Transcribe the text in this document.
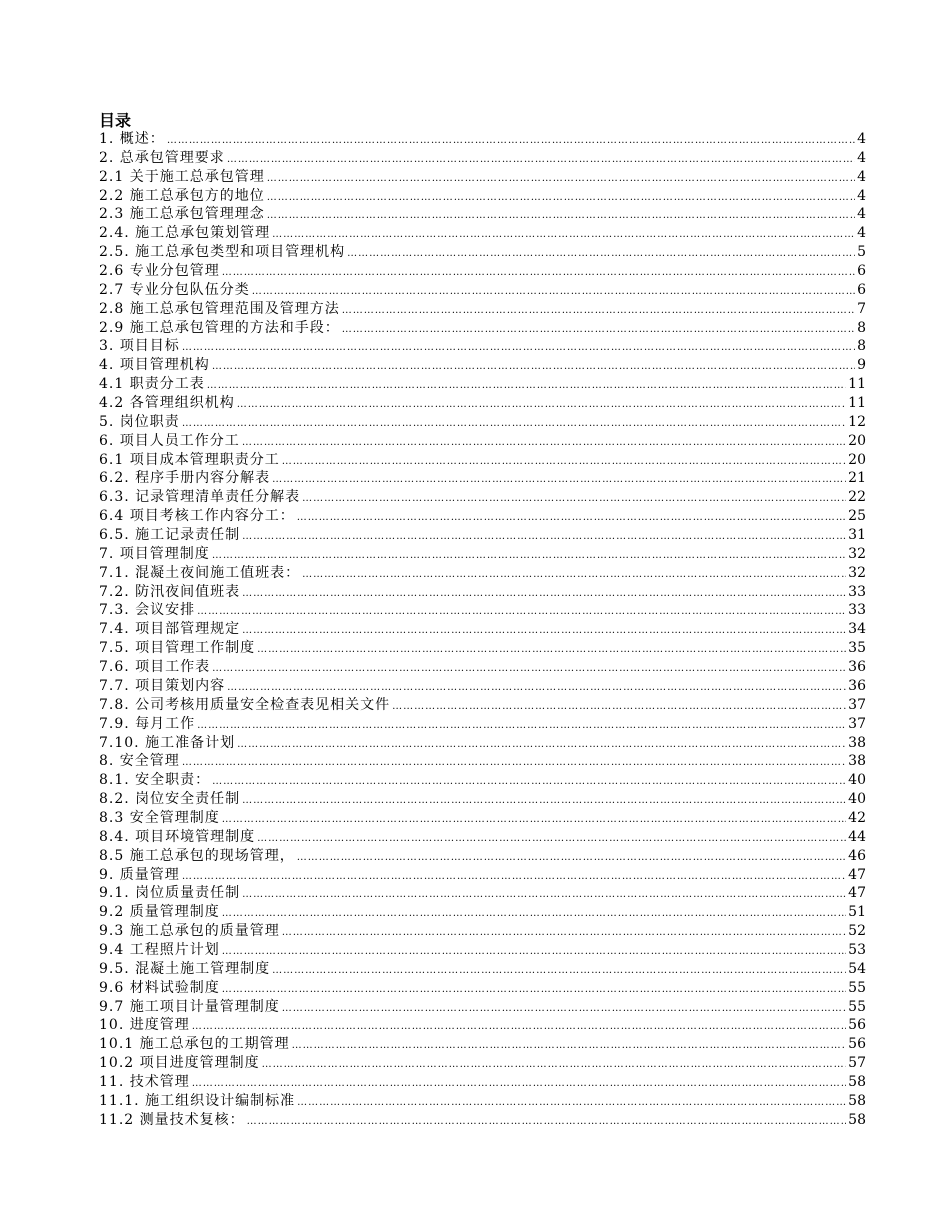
目录
1. 概述： …………………………………………………………………………………………………………………………………………………………………………………………	4
2. 总承包管理要求 …………………………………………………………………………………………………………………………………………………………………………………………	4
2.1 关于施工总承包管理 …………………………………………………………………………………………………………………………………………………………………………………………	4
2.2 施工总承包方的地位 …………………………………………………………………………………………………………………………………………………………………………………………	4
2.3 施工总承包管理理念 …………………………………………………………………………………………………………………………………………………………………………………………	4
2.4. 施工总承包策划管理 …………………………………………………………………………………………………………………………………………………………………………………………	4
2.5. 施工总承包类型和项目管理机构 …………………………………………………………………………………………………………………………………………………………………………………………	5
2.6 专业分包管理 …………………………………………………………………………………………………………………………………………………………………………………………	6
2.7 专业分包队伍分类 …………………………………………………………………………………………………………………………………………………………………………………………	6
2.8 施工总承包管理范围及管理方法 …………………………………………………………………………………………………………………………………………………………………………………………	7
2.9 施工总承包管理的方法和手段： …………………………………………………………………………………………………………………………………………………………………………………………	8
3. 项目目标 …………………………………………………………………………………………………………………………………………………………………………………………	8
4. 项目管理机构 …………………………………………………………………………………………………………………………………………………………………………………………	9
4.1 职责分工表 …………………………………………………………………………………………………………………………………………………………………………………………	11
4.2 各管理组织机构 …………………………………………………………………………………………………………………………………………………………………………………………	11
5. 岗位职责 …………………………………………………………………………………………………………………………………………………………………………………………	12
6. 项目人员工作分工 …………………………………………………………………………………………………………………………………………………………………………………………	20
6.1 项目成本管理职责分工 …………………………………………………………………………………………………………………………………………………………………………………………	20
6.2. 程序手册内容分解表 …………………………………………………………………………………………………………………………………………………………………………………………	21
6.3. 记录管理清单责任分解表 …………………………………………………………………………………………………………………………………………………………………………………………	22
6.4 项目考核工作内容分工： …………………………………………………………………………………………………………………………………………………………………………………………	25
6.5. 施工记录责任制 …………………………………………………………………………………………………………………………………………………………………………………………	31
7. 项目管理制度 …………………………………………………………………………………………………………………………………………………………………………………………	32
7.1. 混凝土夜间施工值班表： …………………………………………………………………………………………………………………………………………………………………………………………	32
7.2. 防汛夜间值班表 …………………………………………………………………………………………………………………………………………………………………………………………	33
7.3. 会议安排 …………………………………………………………………………………………………………………………………………………………………………………………	33
7.4. 项目部管理规定 …………………………………………………………………………………………………………………………………………………………………………………………	34
7.5. 项目管理工作制度 …………………………………………………………………………………………………………………………………………………………………………………………	35
7.6. 项目工作表 …………………………………………………………………………………………………………………………………………………………………………………………	36
7.7. 项目策划内容 …………………………………………………………………………………………………………………………………………………………………………………………	36
7.8. 公司考核用质量安全检查表见相关文件 …………………………………………………………………………………………………………………………………………………………………………………………	37
7.9. 每月工作 …………………………………………………………………………………………………………………………………………………………………………………………	37
7.10. 施工准备计划 …………………………………………………………………………………………………………………………………………………………………………………………	38
8. 安全管理 …………………………………………………………………………………………………………………………………………………………………………………………	38
8.1. 安全职责： …………………………………………………………………………………………………………………………………………………………………………………………	40
8.2. 岗位安全责任制 …………………………………………………………………………………………………………………………………………………………………………………………	40
8.3 安全管理制度 …………………………………………………………………………………………………………………………………………………………………………………………	42
8.4. 项目环境管理制度 …………………………………………………………………………………………………………………………………………………………………………………………	44
8.5 施工总承包的现场管理， …………………………………………………………………………………………………………………………………………………………………………………………	46
9. 质量管理 …………………………………………………………………………………………………………………………………………………………………………………………	47
9.1. 岗位质量责任制 …………………………………………………………………………………………………………………………………………………………………………………………	47
9.2 质量管理制度 …………………………………………………………………………………………………………………………………………………………………………………………	51
9.3 施工总承包的质量管理 …………………………………………………………………………………………………………………………………………………………………………………………	52
9.4 工程照片计划 …………………………………………………………………………………………………………………………………………………………………………………………	53
9.5. 混凝土施工管理制度 …………………………………………………………………………………………………………………………………………………………………………………………	54
9.6 材料试验制度 …………………………………………………………………………………………………………………………………………………………………………………………	55
9.7 施工项目计量管理制度 …………………………………………………………………………………………………………………………………………………………………………………………	55
10. 进度管理 …………………………………………………………………………………………………………………………………………………………………………………………	56
10.1 施工总承包的工期管理 …………………………………………………………………………………………………………………………………………………………………………………………	56
10.2 项目进度管理制度 …………………………………………………………………………………………………………………………………………………………………………………………	57
11. 技术管理 …………………………………………………………………………………………………………………………………………………………………………………………	58
11.1. 施工组织设计编制标准 …………………………………………………………………………………………………………………………………………………………………………………………	58
11.2 测量技术复核： …………………………………………………………………………………………………………………………………………………………………………………………	58
